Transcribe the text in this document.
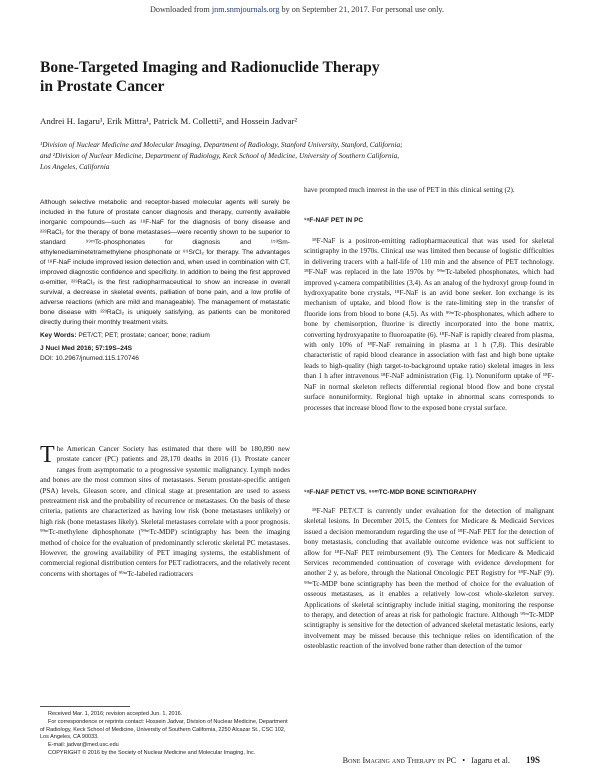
Downloaded from jnm.snmjournals.org by on September 21, 2017. For personal use only.
Bone-Targeted Imaging and Radionuclide Therapy
in Prostate Cancer
Andrei H. Iagaru¹, Erik Mittra¹, Patrick M. Colletti², and Hossein Jadvar²
¹Division of Nuclear Medicine and Molecular Imaging, Department of Radiology, Stanford University, Stanford, California;
and ²Division of Nuclear Medicine, Department of Radiology, Keck School of Medicine, University of Southern California,
Los Angeles, California

Although selective metabolic and receptor-based molecular agents will surely be included in the future of prostate cancer diagnosis and therapy, currently available inorganic compounds—such as ¹⁸F-NaF for the diagnosis of bony disease and ²²³RaCl₂ for the therapy of bone metastases—were recently shown to be superior to standard ⁹⁹ᵐTc-phosphonates for diagnosis and ¹⁵³Sm-ethylenediaminetetramethylene phosphonate or ⁸⁹SrCl₂ for therapy. The advantages of ¹⁸F-NaF include improved lesion detection and, when used in combination with CT, improved diagnostic confidence and specificity. In addition to being the first approved α-emitter, ²²³RaCl₂ is the first radiopharmaceutical to show an increase in overall survival, a decrease in skeletal events, palliation of bone pain, and a low profile of adverse reactions (which are mild and manageable). The management of metastatic bone disease with ²²³RaCl₂ is uniquely satisfying, as patients can be monitored directly during their monthly treatment visits.

Key Words: PET/CT; PET; prostate; cancer; bone; radium
J Nucl Med 2016; 57:19S–24S
DOI: 10.2967/jnumed.115.170746
The American Cancer Society has estimated that there will be 180,890 new prostate cancer (PC) patients and 28,170 deaths in 2016 (1). Prostate cancer ranges from asymptomatic to a progressive systemic malignancy. Lymph nodes and bones are the most common sites of metastases. Serum prostate-specific antigen (PSA) levels, Gleason score, and clinical stage at presentation are used to assess pretreatment risk and the probability of recurrence or metastases. On the basis of these criteria, patients are characterized as having low risk (bone metastases unlikely) or high risk (bone metastases likely). Skeletal metastases correlate with a poor prognosis. ⁹⁹ᵐTc-methylene diphosphonate (⁹⁹ᵐTc-MDP) scintigraphy has been the imaging method of choice for the evaluation of predominantly sclerotic skeletal PC metastases. However, the growing availability of PET imaging systems, the establishment of commercial regional distribution centers for PET radiotracers, and the relatively recent concerns with shortages of ⁹⁹ᵐTc-labeled radiotracers

Received Mar. 1, 2016; revision accepted Jun. 1, 2016.

For correspondence or reprints contact: Hossein Jadvar, Division of Nuclear Medicine, Department of Radiology, Keck School of Medicine, University of Southern California, 2250 Alcazar St., CSC 102, Los Angeles, CA 90033.

E-mail: jadvar@med.usc.edu

COPYRIGHT © 2016 by the Society of Nuclear Medicine and Molecular Imaging, Inc.

have prompted much interest in the use of PET in this clinical setting (2).

¹⁸F-NAF PET IN PC

¹⁸F-NaF is a positron-emitting radiopharmaceutical that was used for skeletal scintigraphy in the 1970s. Clinical use was limited then because of logistic difficulties in delivering tracers with a half-life of 110 min and the absence of PET technology. ¹⁸F-NaF was replaced in the late 1970s by ⁹⁹ᵐTc-labeled phosphonates, which had improved γ-camera compatibilities (3,4). As an analog of the hydroxyl group found in hydroxyapatite bone crystals, ¹⁸F-NaF is an avid bone seeker. Ion exchange is its mechanism of uptake, and blood flow is the rate-limiting step in the transfer of fluoride ions from blood to bone (4,5). As with ⁹⁹ᵐTc-phosphonates, which adhere to bone by chemisorption, fluorine is directly incorporated into the bone matrix, converting hydroxyapatite to fluoroapatite (6). ¹⁸F-NaF is rapidly cleared from plasma, with only 10% of ¹⁸F-NaF remaining in plasma at 1 h (7,8). This desirable characteristic of rapid blood clearance in association with fast and high bone uptake leads to high-quality (high target-to-background uptake ratio) skeletal images in less than 1 h after intravenous ¹⁸F-NaF administration (Fig. 1). Nonuniform uptake of ¹⁸F-NaF in normal skeleton reflects differential regional blood flow and bone crystal surface nonuniformity. Regional high uptake in abnormal scans corresponds to processes that increase blood flow to the exposed bone crystal surface.

¹⁸F-NAF PET/CT VS. ⁹⁹ᵐTC-MDP BONE SCINTIGRAPHY

¹⁸F-NaF PET/CT is currently under evaluation for the detection of malignant skeletal lesions. In December 2015, the Centers for Medicare & Medicaid Services issued a decision memorandum regarding the use of ¹⁸F-NaF PET for the detection of bony metastasis, concluding that available outcome evidence was not sufficient to allow for ¹⁸F-NaF PET reimbursement (9). The Centers for Medicare & Medicaid Services recommended continuation of coverage with evidence development for another 2 y, as before, through the National Oncologic PET Registry for ¹⁸F-NaF (9). ⁹⁹ᵐTc-MDP bone scintigraphy has been the method of choice for the evaluation of osseous metastases, as it enables a relatively low-cost whole-skeleton survey. Applications of skeletal scintigraphy include initial staging, monitoring the response to therapy, and detection of areas at risk for pathologic fracture. Although ⁹⁹ᵐTc-MDP scintigraphy is sensitive for the detection of advanced skeletal metastatic lesions, early involvement may be missed because this technique relies on identification of the osteoblastic reaction of the involved bone rather than detection of the tumor

Bone Imaging and Therapy in PC • Iagaru et al. 19S
